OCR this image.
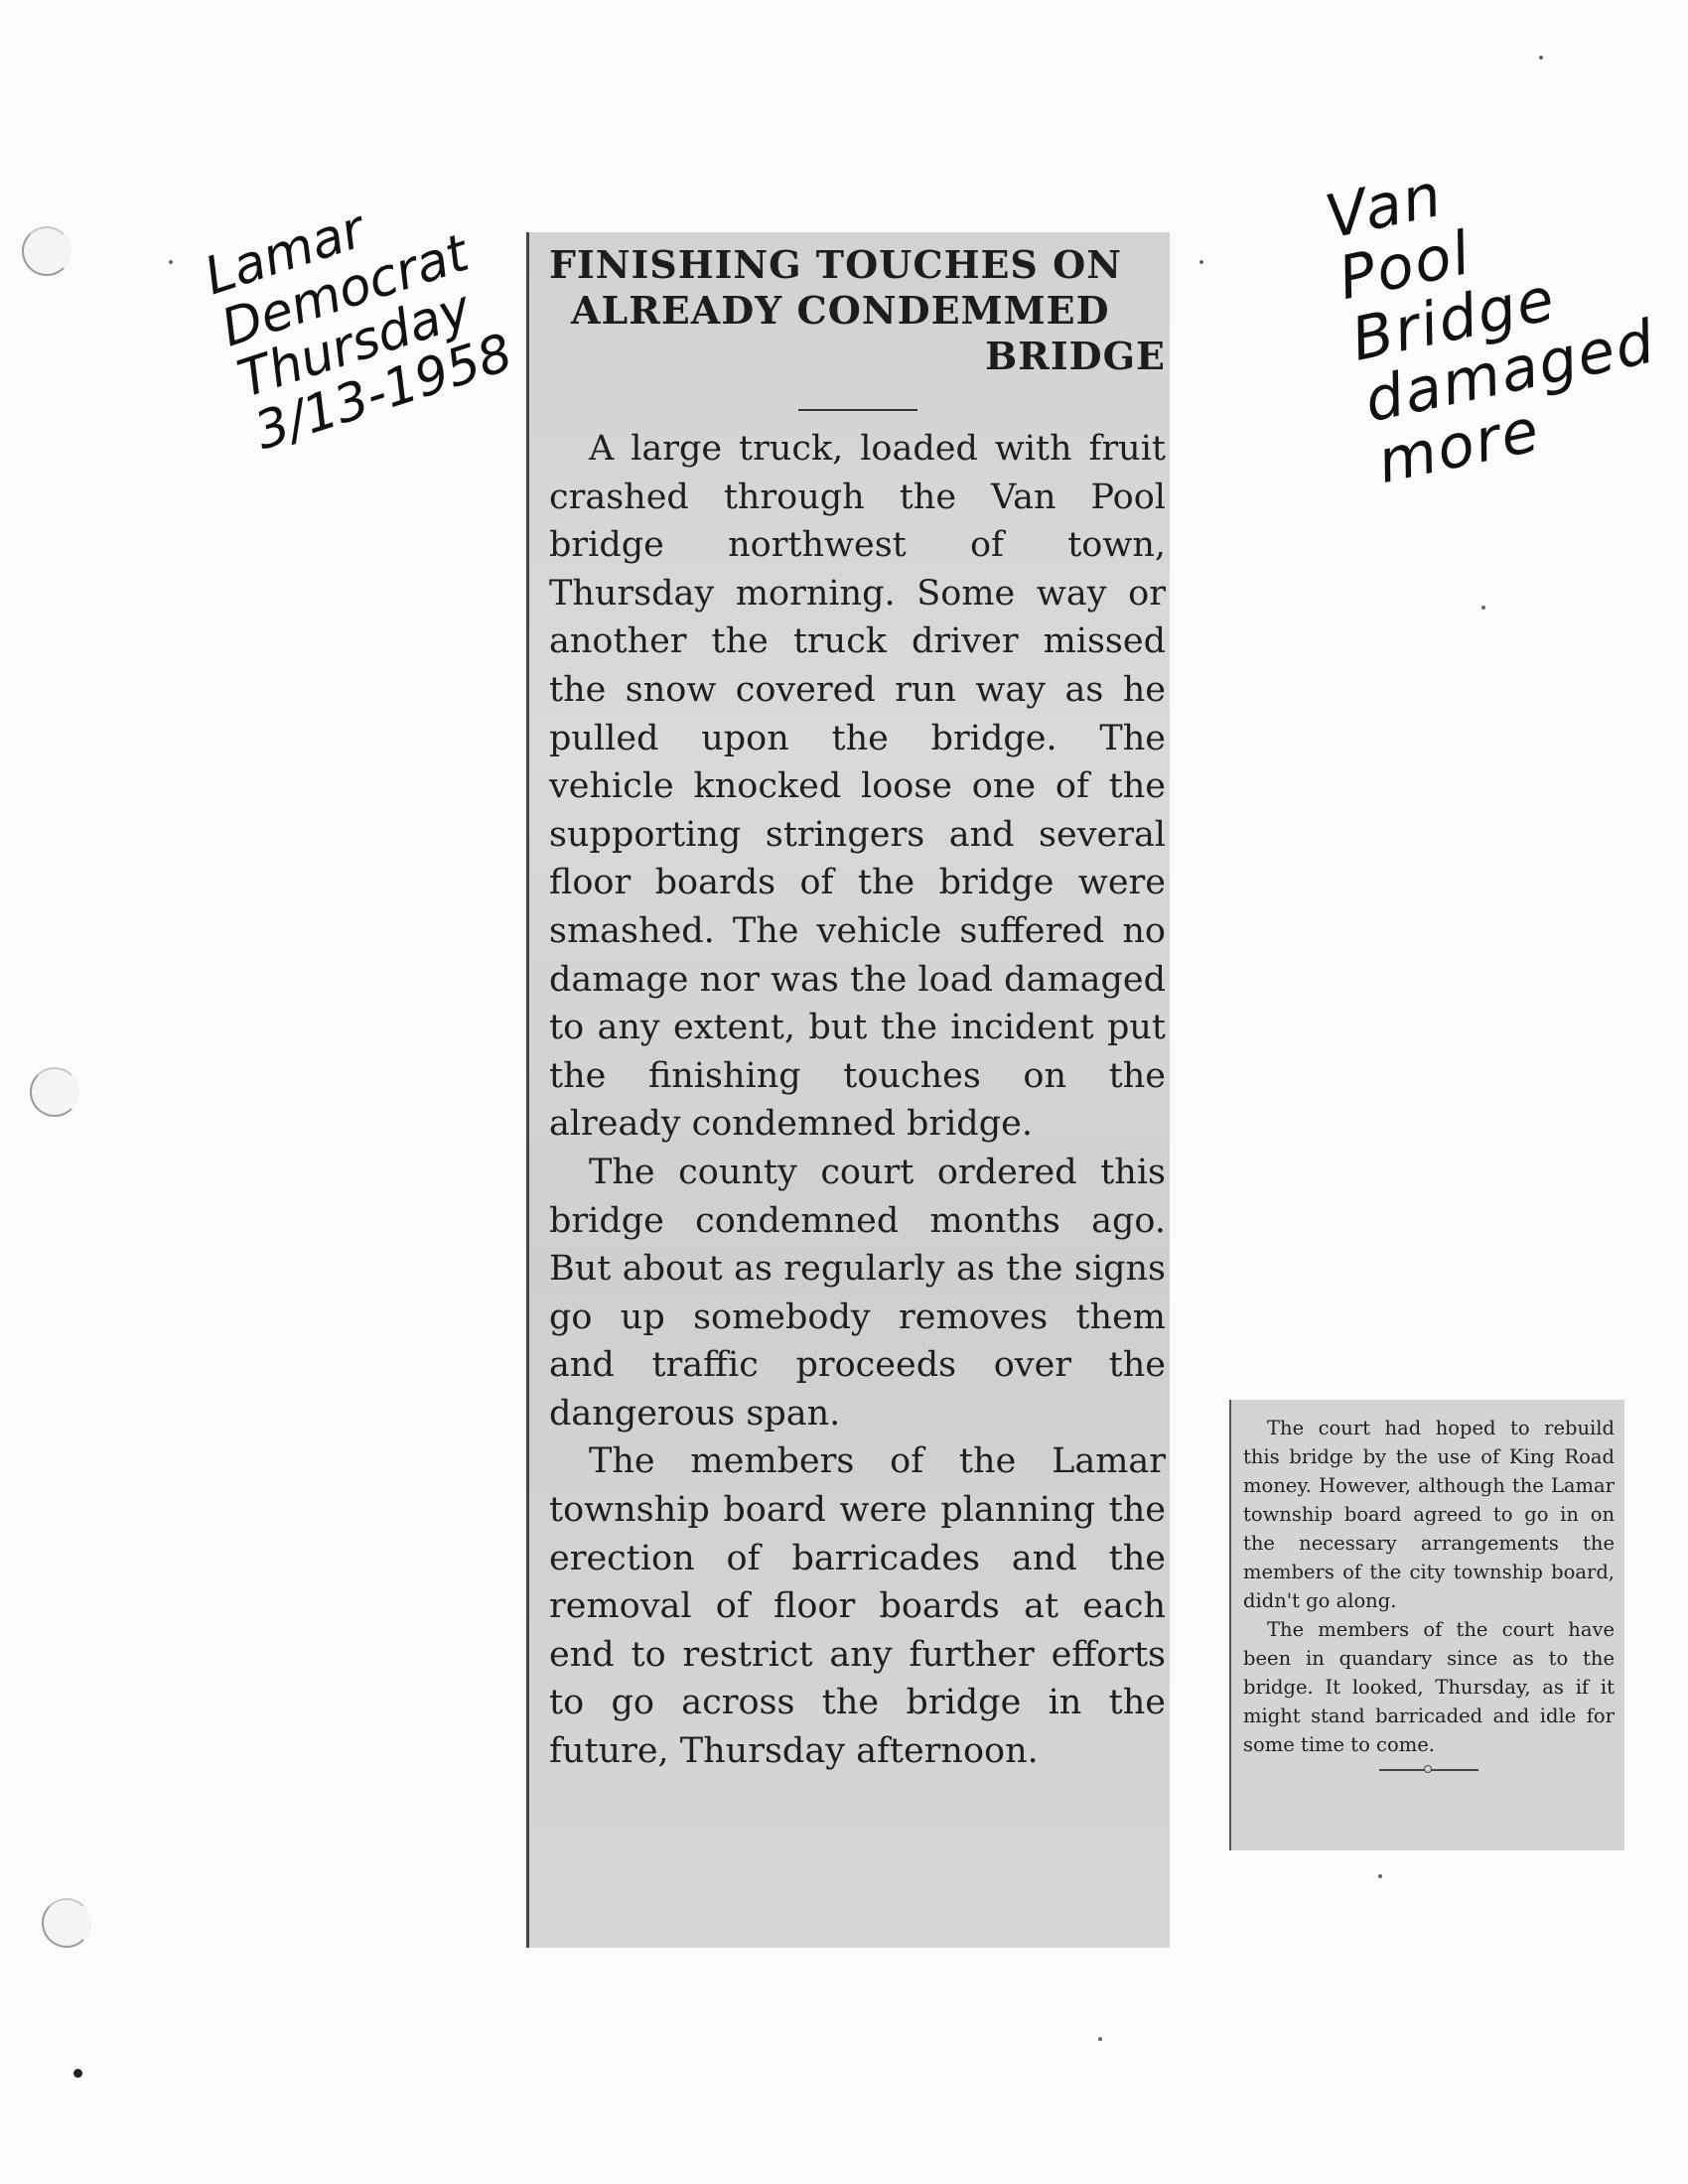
Lamar
Democrat
Thursday
3/13-1958
Van
Pool
Bridge
damaged
more
FINISHING TOUCHES ON
ALREADY CONDEMMED
BRIDGE

A large truck, loaded with fruit crashed through the Van Pool bridge northwest of town, Thursday morning. Some way or another the truck driver missed the snow covered run way as he pulled upon the bridge. The vehicle knocked loose one of the supporting stringers and several floor boards of the bridge were smashed. The vehicle suffered no damage nor was the load damaged to any extent, but the incident put the finishing touches on the already condemned bridge.

The county court ordered this bridge condemned months ago. But about as regularly as the signs go up somebody removes them and traffic proceeds over the dangerous span.

The members of the Lamar township board were planning the erection of barricades and the removal of floor boards at each end to restrict any further efforts to go across the bridge in the future, Thursday afternoon.

The court had hoped to rebuild this bridge by the use of King Road money. However, although the Lamar township board agreed to go in on the necessary arrangements the members of the city township board, didn't go along.

The members of the court have been in quandary since as to the bridge. It looked, Thursday, as if it might stand barricaded and idle for some time to come.
